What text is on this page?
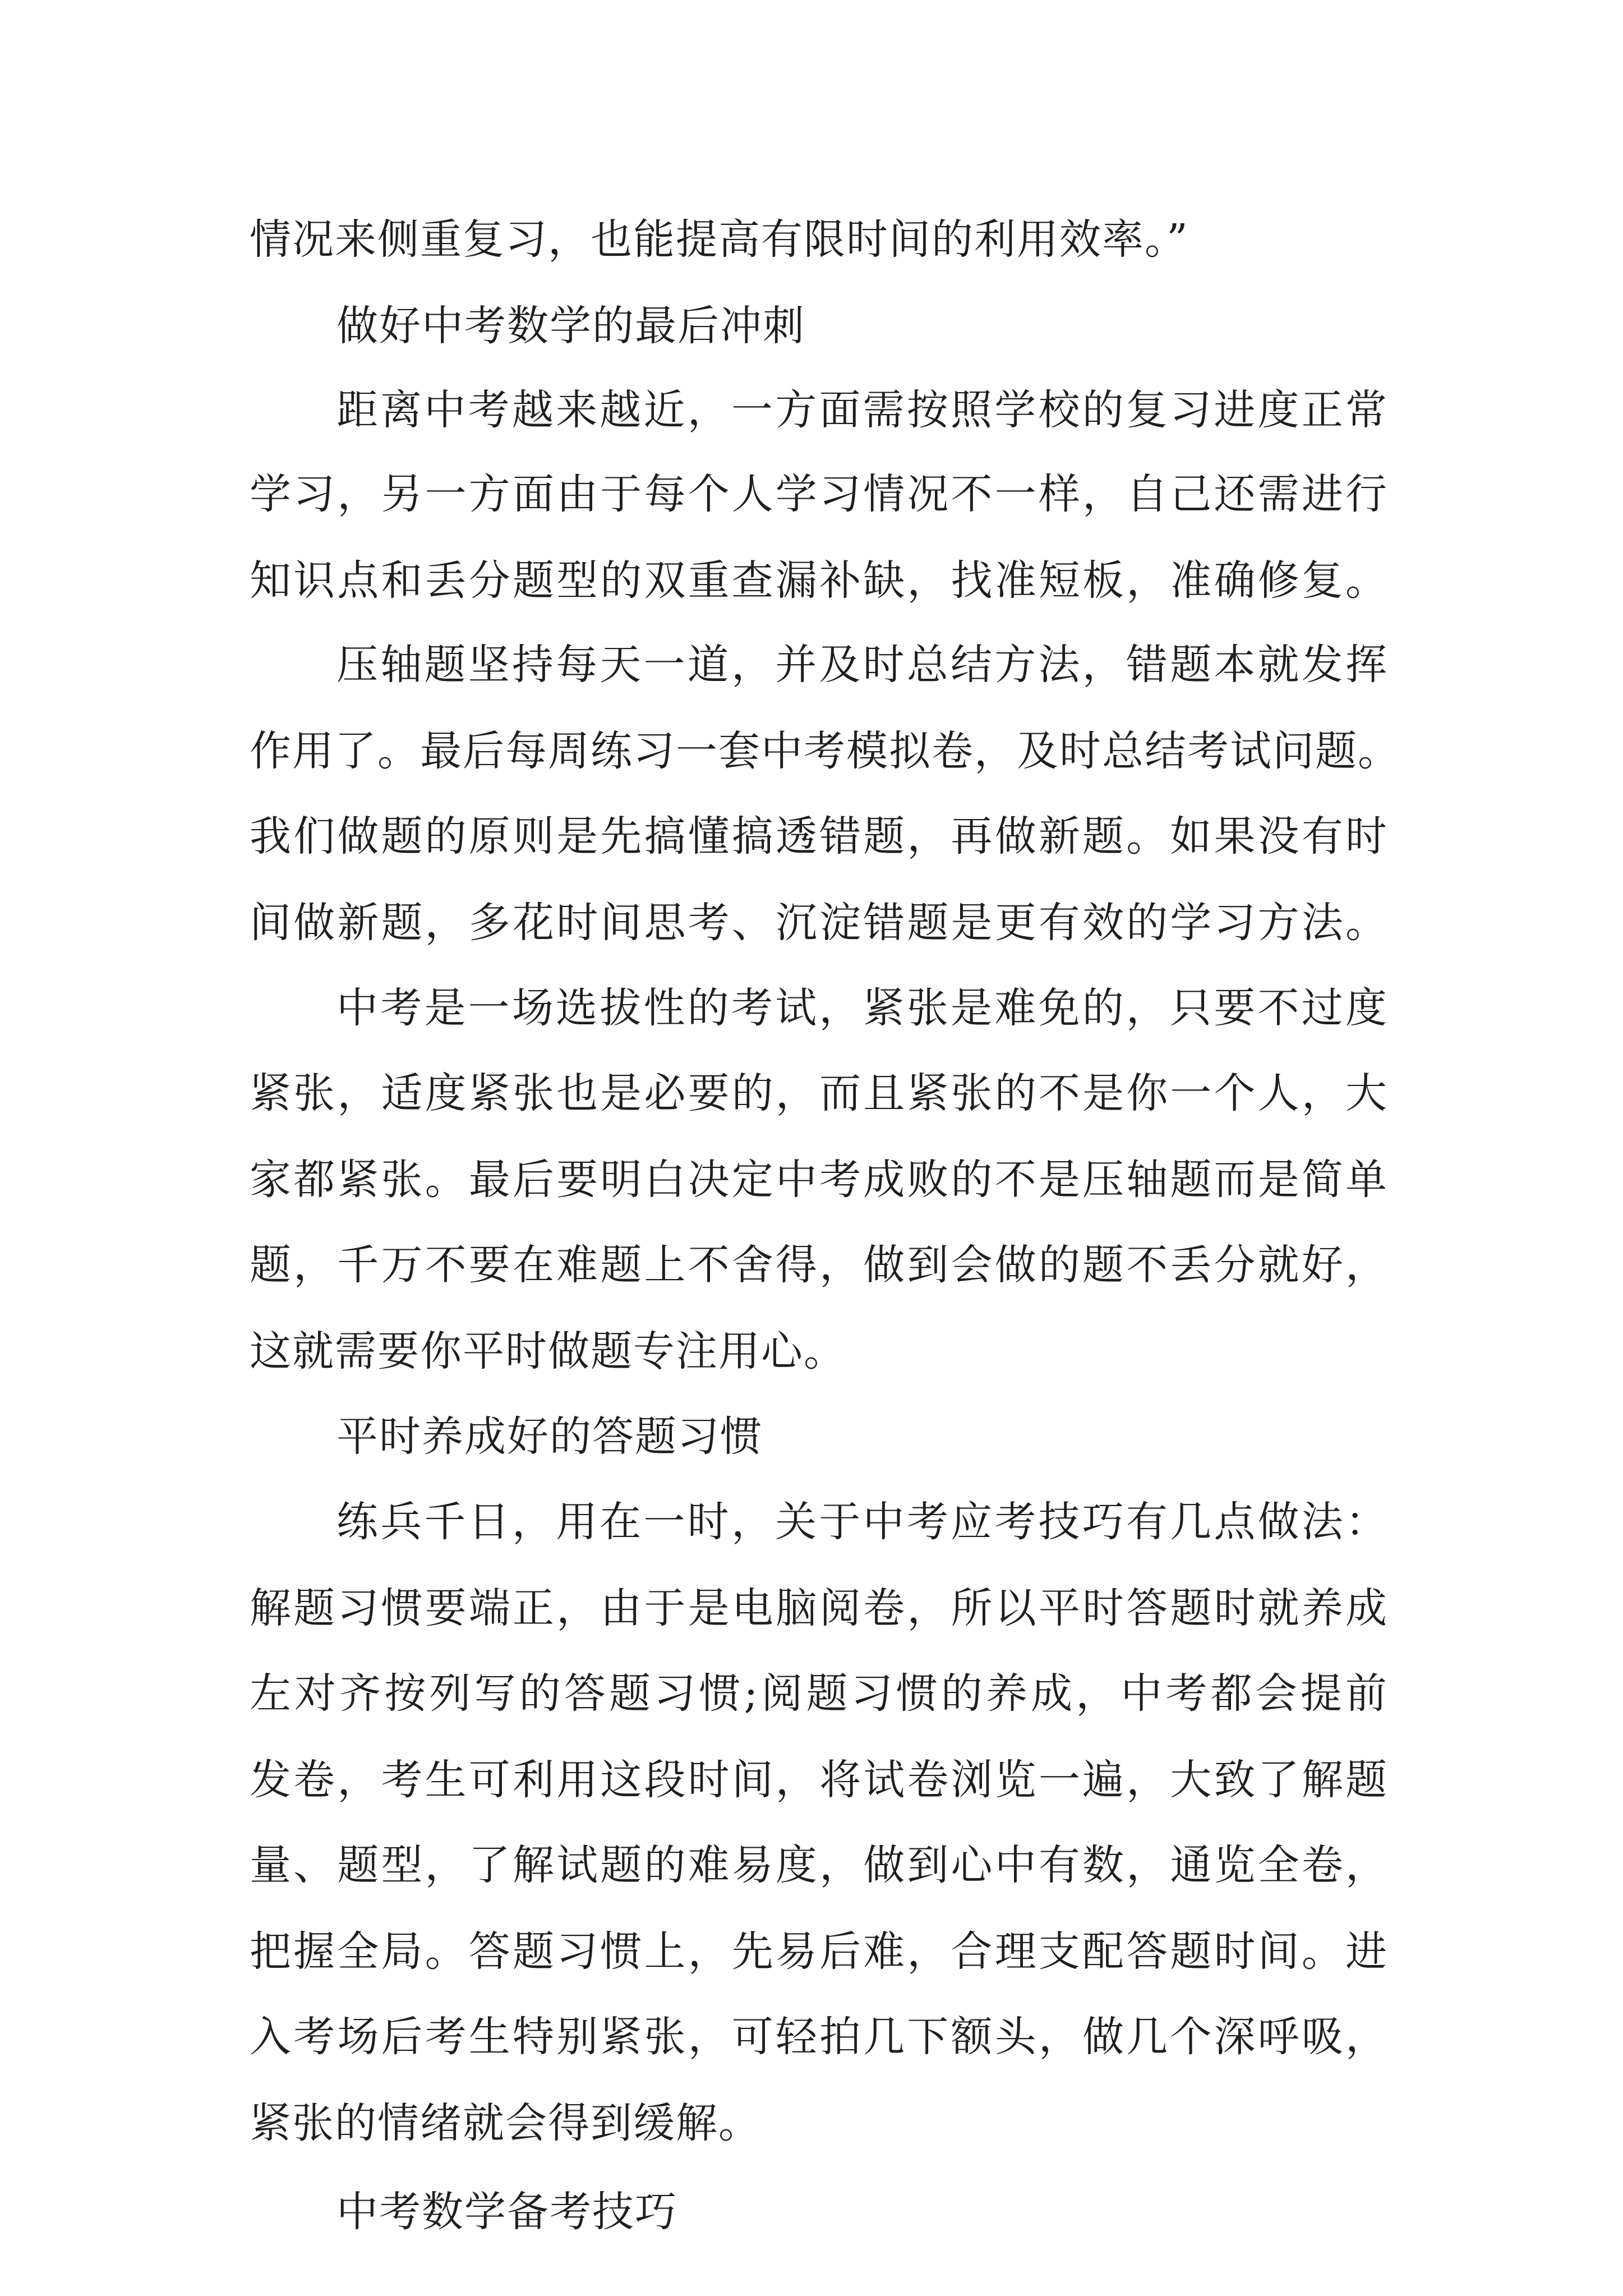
情况来侧重复习，也能提高有限时间的利用效率。”
做好中考数学的最后冲刺
距离中考越来越近，一方面需按照学校的复习进度正常
学习，另一方面由于每个人学习情况不一样，自己还需进行
知识点和丢分题型的双重查漏补缺，找准短板，准确修复。
压轴题坚持每天一道，并及时总结方法，错题本就发挥
作用了。最后每周练习一套中考模拟卷，及时总结考试问题。
我们做题的原则是先搞懂搞透错题，再做新题。如果没有时
间做新题，多花时间思考、沉淀错题是更有效的学习方法。
中考是一场选拔性的考试，紧张是难免的，只要不过度
紧张，适度紧张也是必要的，而且紧张的不是你一个人，大
家都紧张。最后要明白决定中考成败的不是压轴题而是简单
题，千万不要在难题上不舍得，做到会做的题不丢分就好，
这就需要你平时做题专注用心。
平时养成好的答题习惯
练兵千日，用在一时，关于中考应考技巧有几点做法：
解题习惯要端正，由于是电脑阅卷，所以平时答题时就养成
左对齐按列写的答题习惯;阅题习惯的养成，中考都会提前
发卷，考生可利用这段时间，将试卷浏览一遍，大致了解题
量、题型，了解试题的难易度，做到心中有数，通览全卷，
把握全局。答题习惯上，先易后难，合理支配答题时间。进
入考场后考生特别紧张，可轻拍几下额头，做几个深呼吸，
紧张的情绪就会得到缓解。
中考数学备考技巧
